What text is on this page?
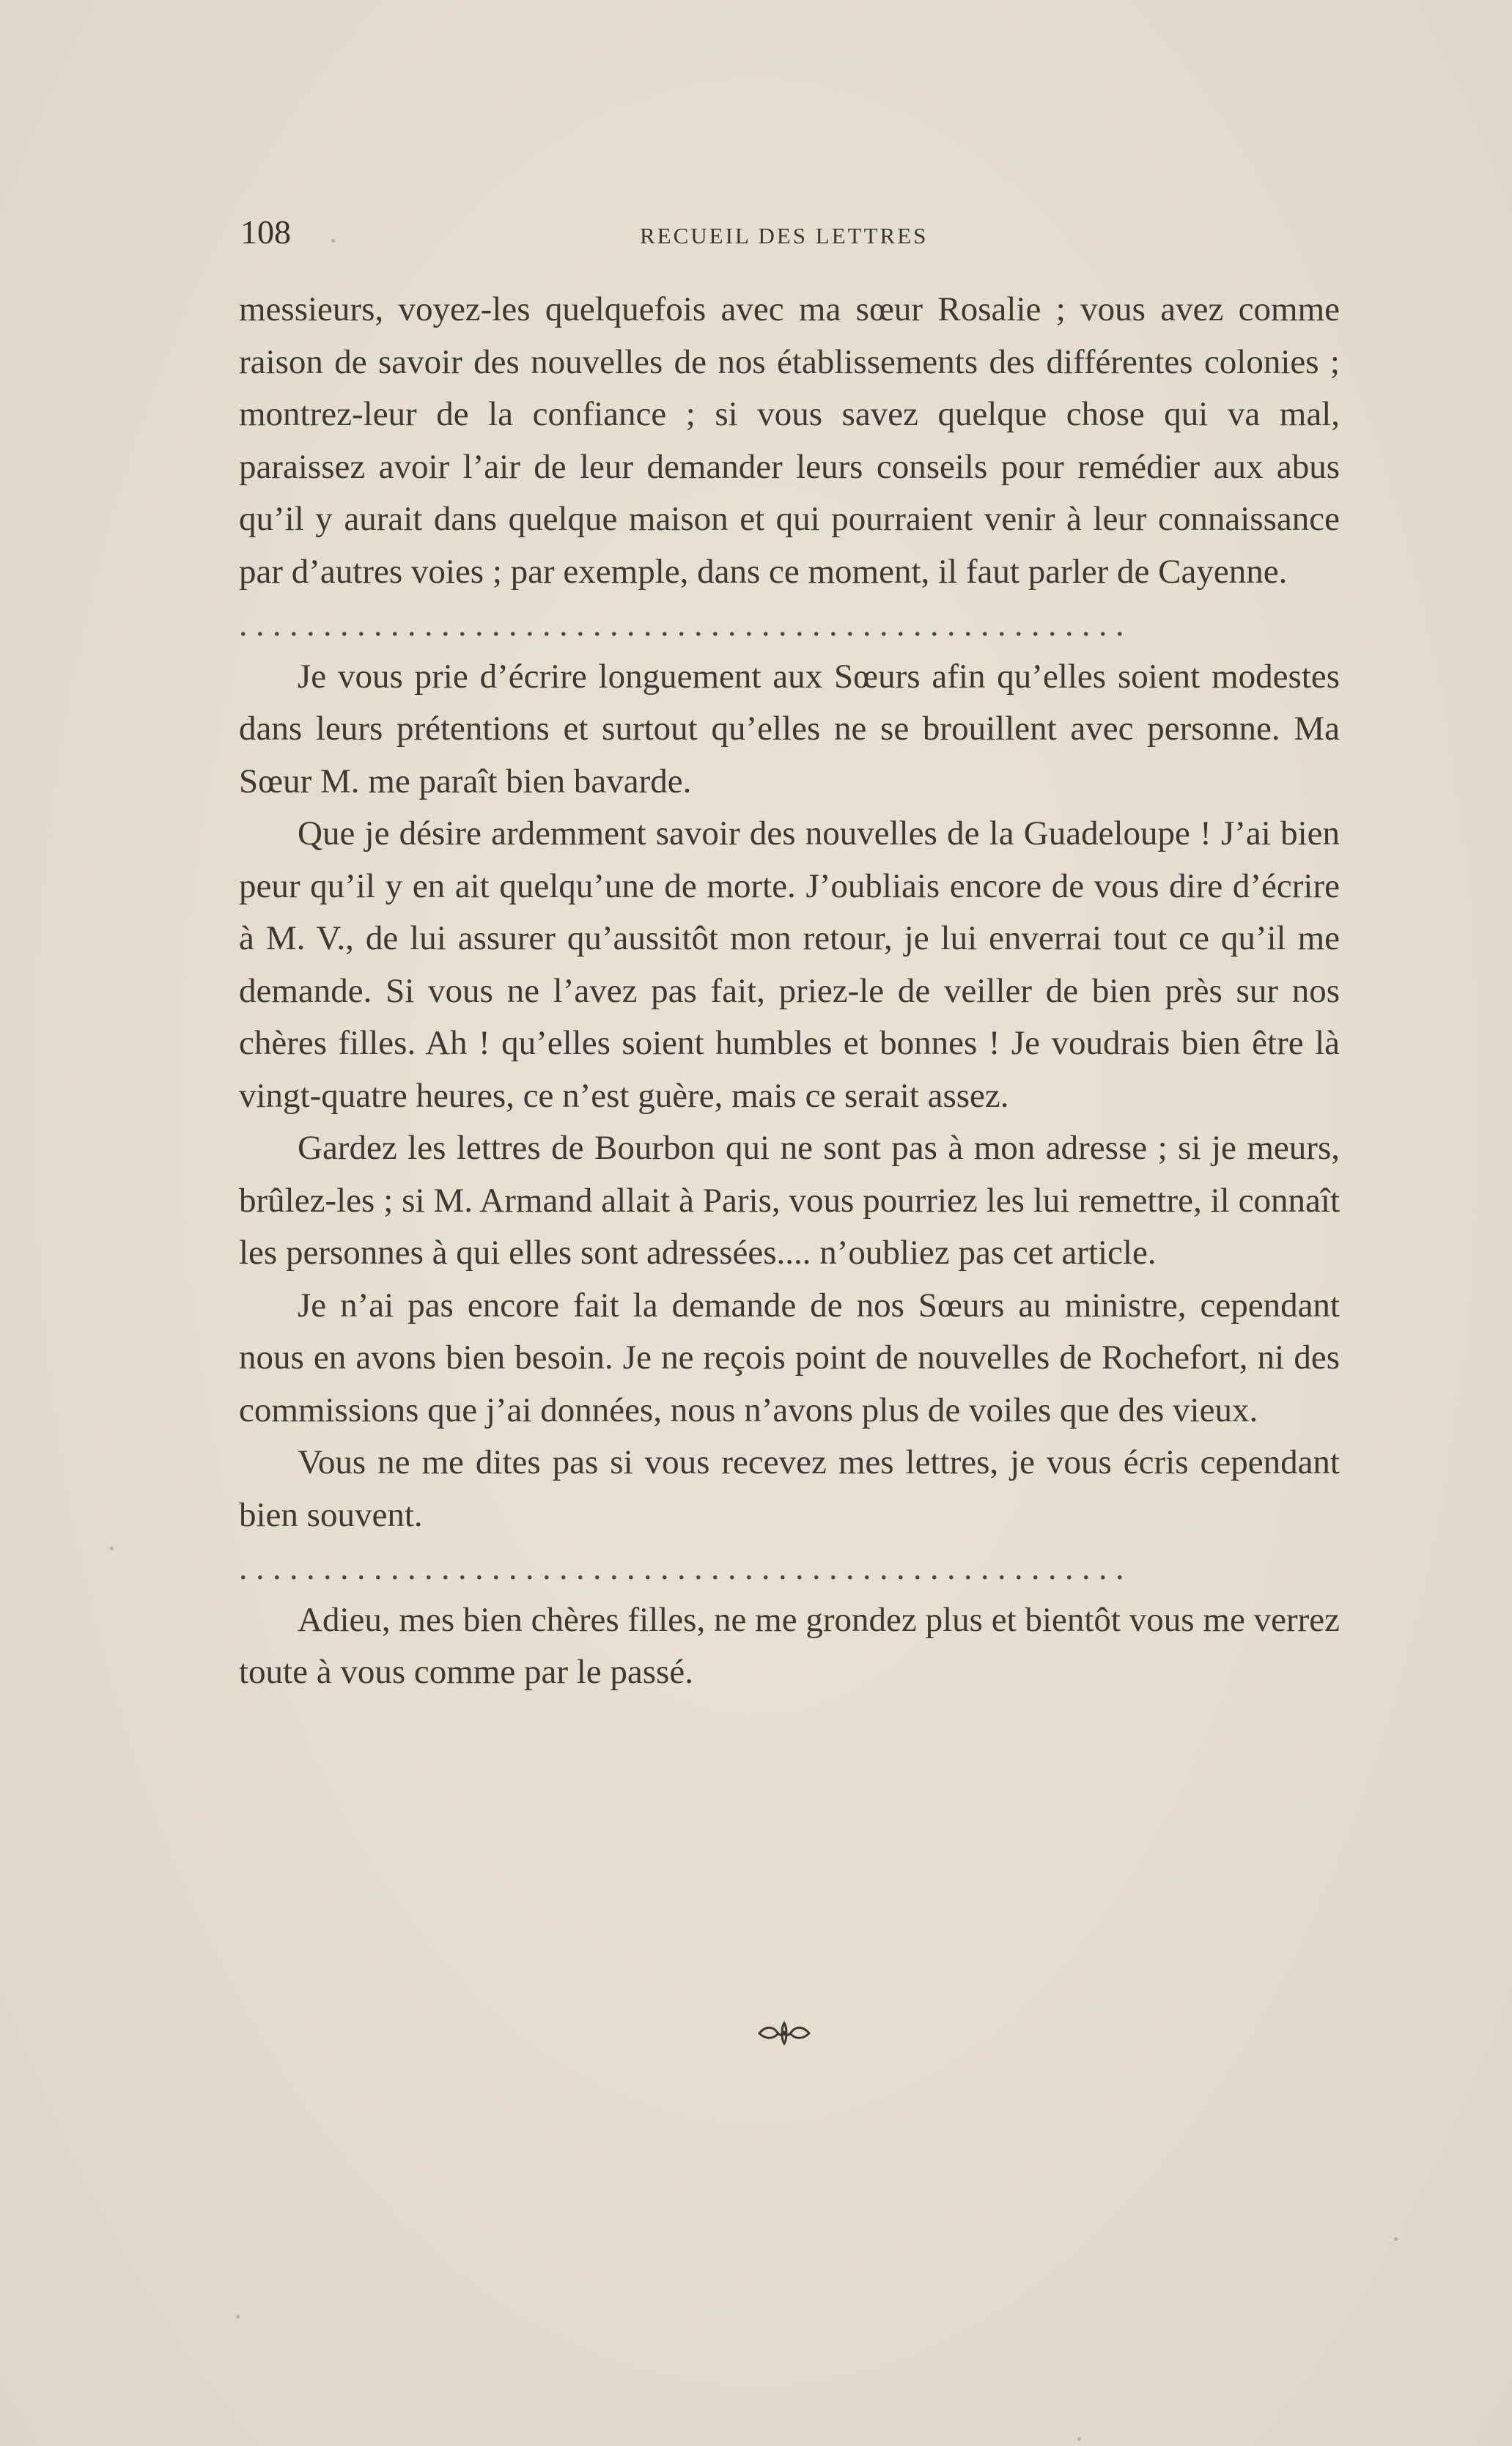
108	RECUEIL DES LETTRES

messieurs, voyez-les quelquefois avec ma sœur Rosalie ; vous avez comme raison de savoir des nouvelles de nos établissements des différentes colonies ; montrez-leur de la confiance ; si vous savez quelque chose qui va mal, paraissez avoir l’air de leur demander leurs conseils pour remédier aux abus qu’il y aurait dans quelque maison et qui pourraient venir à leur connaissance par d’autres voies ; par exemple, dans ce moment, il faut parler de Cayenne.

. . . . . . . . . . . . . . . . . . . . . . . . . . . . . . . . . . . . . . . . . . . . . . . . . . . . .

Je vous prie d’écrire longuement aux Sœurs afin qu’elles soient modestes dans leurs prétentions et surtout qu’elles ne se brouillent avec personne. Ma Sœur M. me paraît bien bavarde.

Que je désire ardemment savoir des nouvelles de la Guadeloupe ! J’ai bien peur qu’il y en ait quelqu’une de morte. J’oubliais encore de vous dire d’écrire à M. V., de lui assurer qu’aussitôt mon retour, je lui enverrai tout ce qu’il me demande. Si vous ne l’avez pas fait, priez-le de veiller de bien près sur nos chères filles. Ah ! qu’elles soient humbles et bonnes ! Je voudrais bien être là vingt-quatre heures, ce n’est guère, mais ce serait assez.

Gardez les lettres de Bourbon qui ne sont pas à mon adresse ; si je meurs, brûlez-les ; si M. Armand allait à Paris, vous pourriez les lui remettre, il connaît les personnes à qui elles sont adressées.... n’oubliez pas cet article.

Je n’ai pas encore fait la demande de nos Sœurs au ministre, cependant nous en avons bien besoin. Je ne reçois point de nouvelles de Rochefort, ni des commissions que j’ai données, nous n’avons plus de voiles que des vieux.

Vous ne me dites pas si vous recevez mes lettres, je vous écris cependant bien souvent.

. . . . . . . . . . . . . . . . . . . . . . . . . . . . . . . . . . . . . . . . . . . . . . . . . . . . .

Adieu, mes bien chères filles, ne me grondez plus et bientôt vous me verrez toute à vous comme par le passé.
